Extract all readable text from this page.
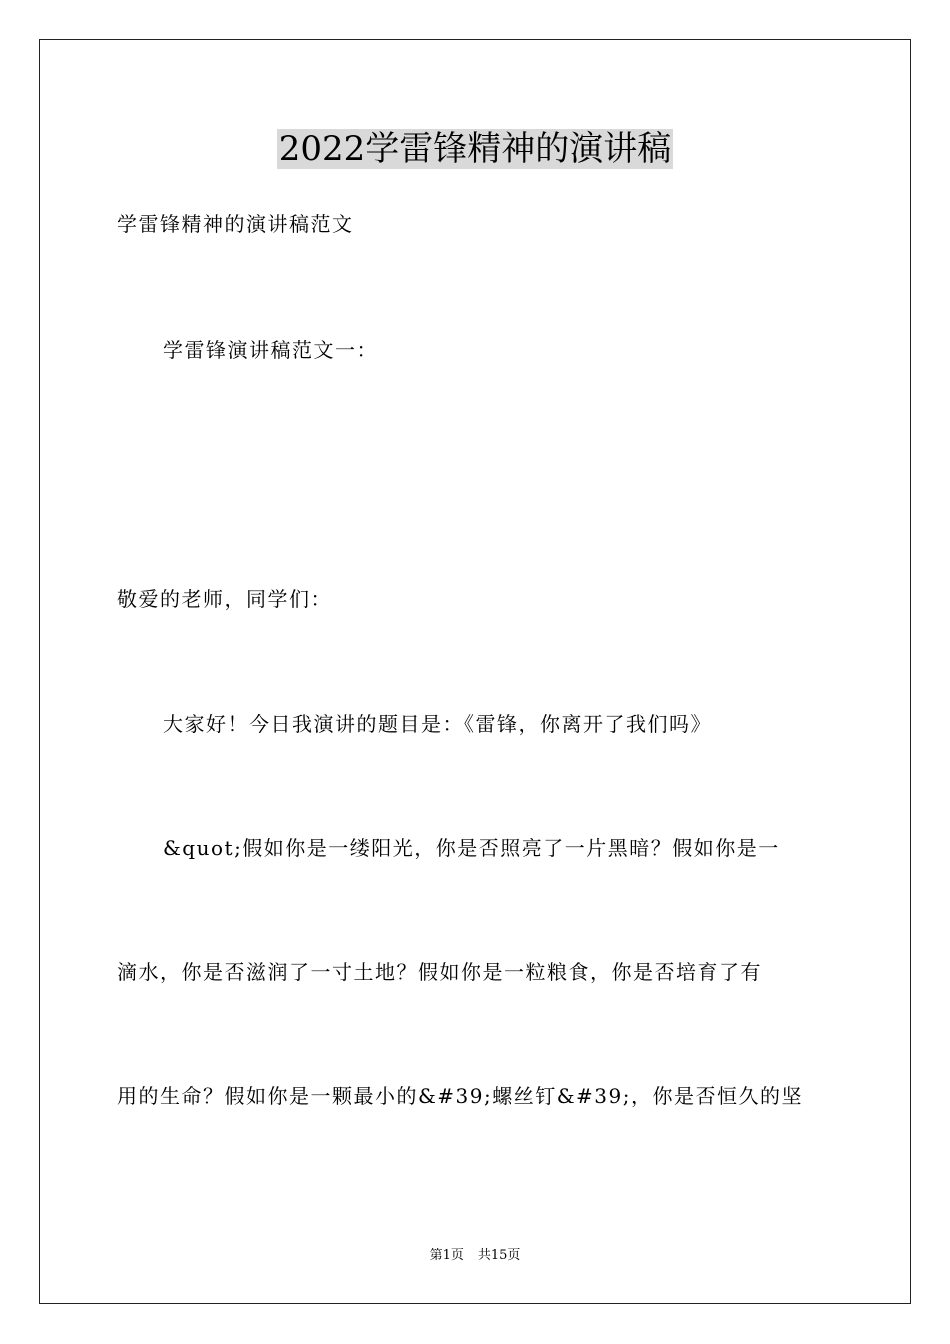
2022学雷锋精神的演讲稿

学雷锋精神的演讲稿范文

学雷锋演讲稿范文一：

敬爱的老师，同学们：

大家好！今日我演讲的题目是：《雷锋，你离开了我们吗》

&quot;假如你是一缕阳光，你是否照亮了一片黑暗？假如你是一

滴水，你是否滋润了一寸土地？假如你是一粒粮食，你是否培育了有

用的生命？假如你是一颗最小的&#39;螺丝钉&#39;，你是否恒久的坚

第1页 共15页
